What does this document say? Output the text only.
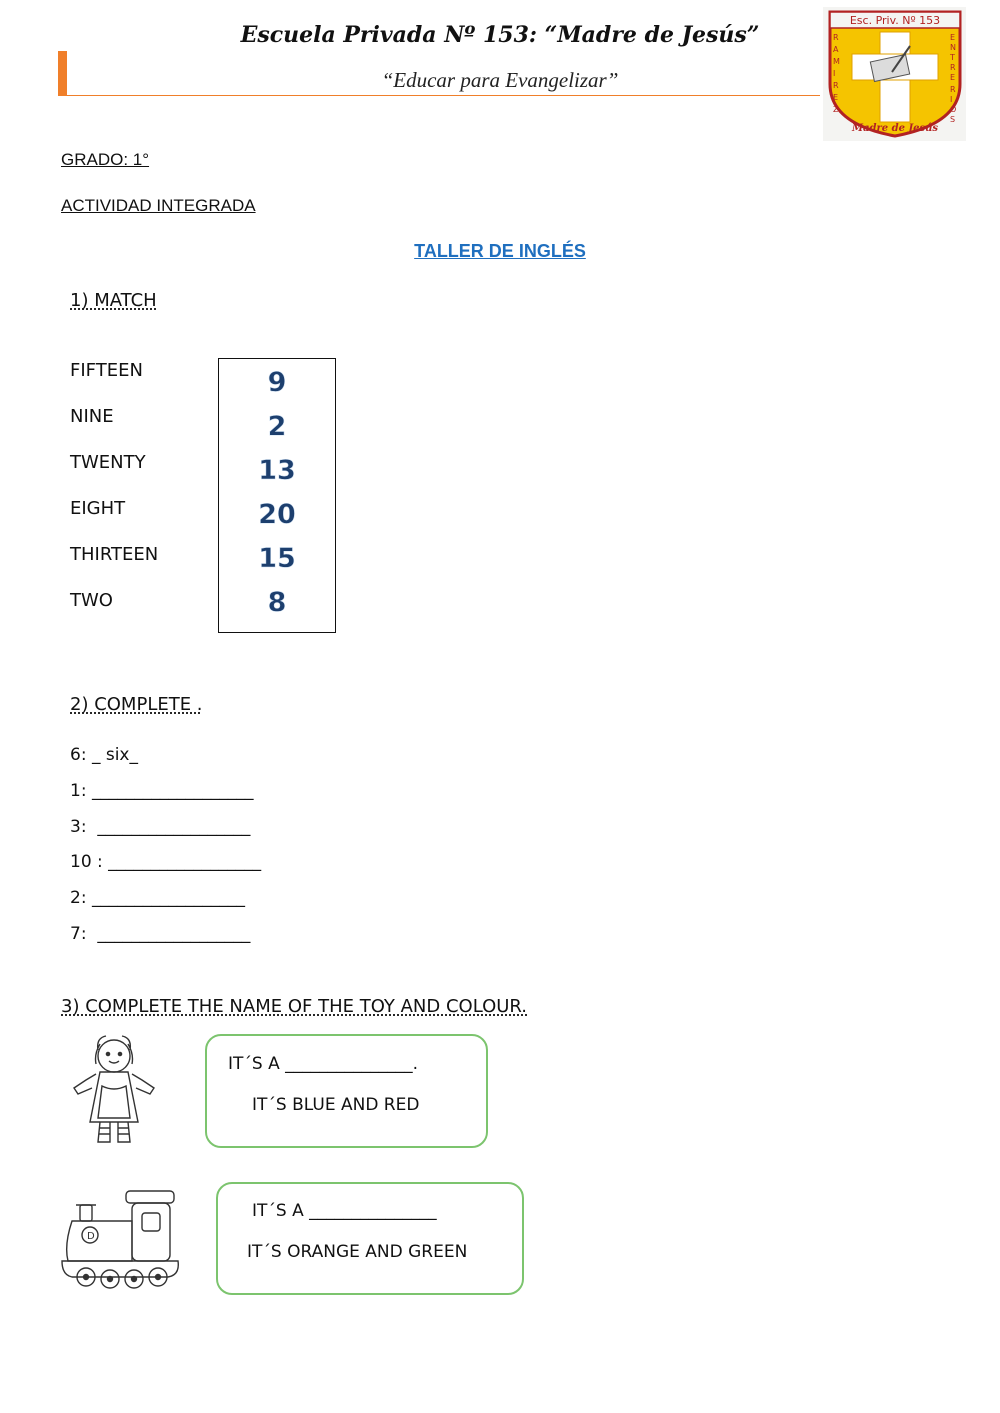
Escuela Privada Nº 153: “Madre de Jesús”
“Educar para Evangelizar”
Esc. Priv. Nº 153
R
A
M
I
R
E
Z
E
N
T
R
E
R
I
O
S
Madre de Jesús
GRADO: 1°
ACTIVIDAD INTEGRADA
TALLER DE INGLÉS
1) MATCH
FIFTEEN
NINE
TWENTY
EIGHT
THIRTEEN
TWO
9
2
13
20
15
8
2) COMPLETE .
6: _ six_
1: ___________________
3:  __________________
10 : __________________
2: __________________
7:  __________________
3) COMPLETE THE NAME OF THE TOY AND COLOUR.
IT´S A _______________.
IT´S BLUE AND RED
D
IT´S A _______________
IT´S ORANGE AND GREEN
